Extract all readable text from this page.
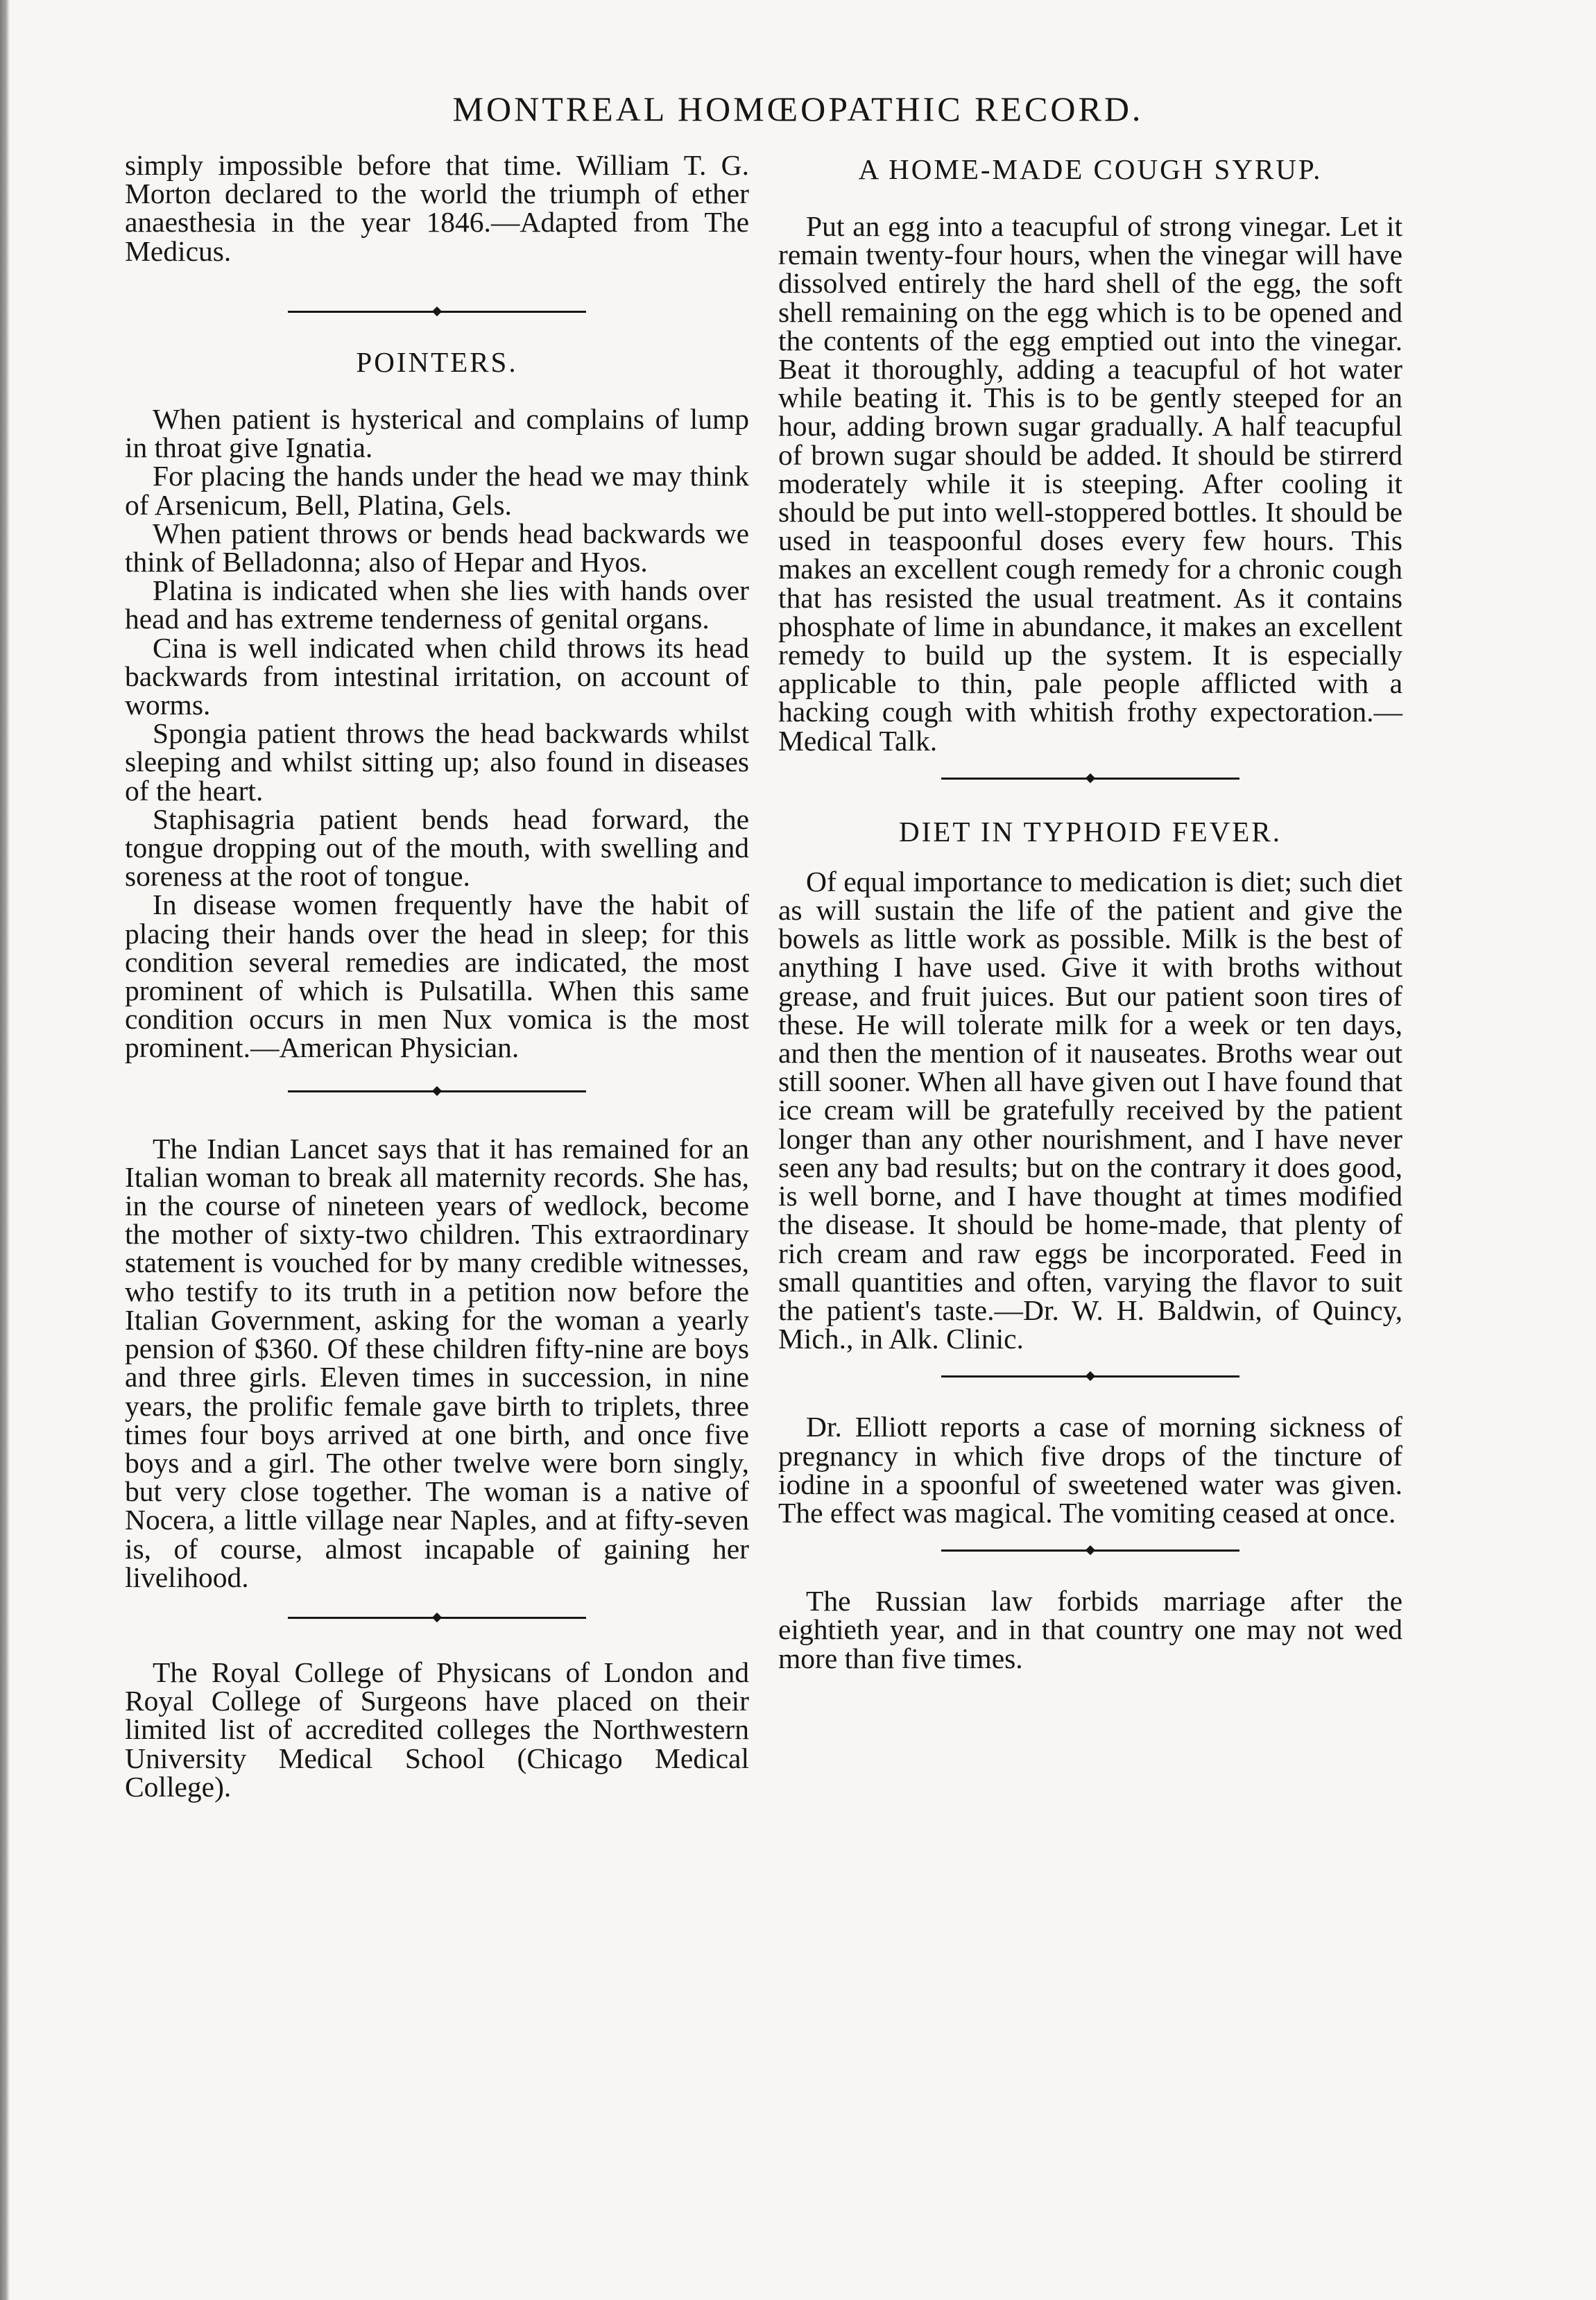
MONTREAL HOMŒOPATHIC RECORD.

simply impossible before that time. William T. G. Morton declared to the world the triumph of ether anaesthesia in the year 1846.—Adapted from The Medicus.

POINTERS.

When patient is hysterical and complains of lump in throat give Ignatia.

For placing the hands under the head we may think of Arsenicum, Bell, Platina, Gels.

When patient throws or bends head backwards we think of Belladonna; also of Hepar and Hyos.

Platina is indicated when she lies with hands over head and has extreme tenderness of genital organs.

Cina is well indicated when child throws its head backwards from intestinal irritation, on account of worms.

Spongia patient throws the head backwards whilst sleeping and whilst sitting up; also found in diseases of the heart.

Staphisagria patient bends head forward, the tongue dropping out of the mouth, with swelling and soreness at the root of tongue.

In disease women frequently have the habit of placing their hands over the head in sleep; for this condition several remedies are indicated, the most prominent of which is Pulsatilla. When this same condition occurs in men Nux vomica is the most prominent.—American Physician.

The Indian Lancet says that it has remained for an Italian woman to break all maternity records. She has, in the course of nineteen years of wedlock, become the mother of sixty-two children. This extraordinary statement is vouched for by many credible witnesses, who testify to its truth in a petition now before the Italian Government, asking for the woman a yearly pension of $360. Of these children fifty-nine are boys and three girls. Eleven times in succession, in nine years, the prolific female gave birth to triplets, three times four boys arrived at one birth, and once five boys and a girl. The other twelve were born singly, but very close together. The woman is a native of Nocera, a little village near Naples, and at fifty-seven is, of course, almost incapable of gaining her livelihood.

The Royal College of Physicans of London and Royal College of Surgeons have placed on their limited list of accredited colleges the Northwestern University Medical School (Chicago Medical College).

A HOME-MADE COUGH SYRUP.

Put an egg into a teacupful of strong vinegar. Let it remain twenty-four hours, when the vinegar will have dissolved entirely the hard shell of the egg, the soft shell remaining on the egg which is to be opened and the contents of the egg emptied out into the vinegar. Beat it thoroughly, adding a teacupful of hot water while beating it. This is to be gently steeped for an hour, adding brown sugar gradually. A half teacupful of brown sugar should be added. It should be stirrerd moderately while it is steeping. After cooling it should be put into well-stoppered bottles. It should be used in teaspoonful doses every few hours. This makes an excellent cough remedy for a chronic cough that has resisted the usual treatment. As it contains phosphate of lime in abundance, it makes an excellent remedy to build up the system. It is especially applicable to thin, pale people afflicted with a hacking cough with whitish frothy expectoration.—Medical Talk.

DIET IN TYPHOID FEVER.

Of equal importance to medication is diet; such diet as will sustain the life of the patient and give the bowels as little work as possible. Milk is the best of anything I have used. Give it with broths without grease, and fruit juices. But our patient soon tires of these. He will tolerate milk for a week or ten days, and then the mention of it nauseates. Broths wear out still sooner. When all have given out I have found that ice cream will be gratefully received by the patient longer than any other nourishment, and I have never seen any bad results; but on the contrary it does good, is well borne, and I have thought at times modified the disease. It should be home-made, that plenty of rich cream and raw eggs be incorporated. Feed in small quantities and often, varying the flavor to suit the patient's taste.—Dr. W. H. Baldwin, of Quincy, Mich., in Alk. Clinic.

Dr. Elliott reports a case of morning sickness of pregnancy in which five drops of the tincture of iodine in a spoonful of sweetened water was given. The effect was magical. The vomiting ceased at once.

The Russian law forbids marriage after the eightieth year, and in that country one may not wed more than five times.
